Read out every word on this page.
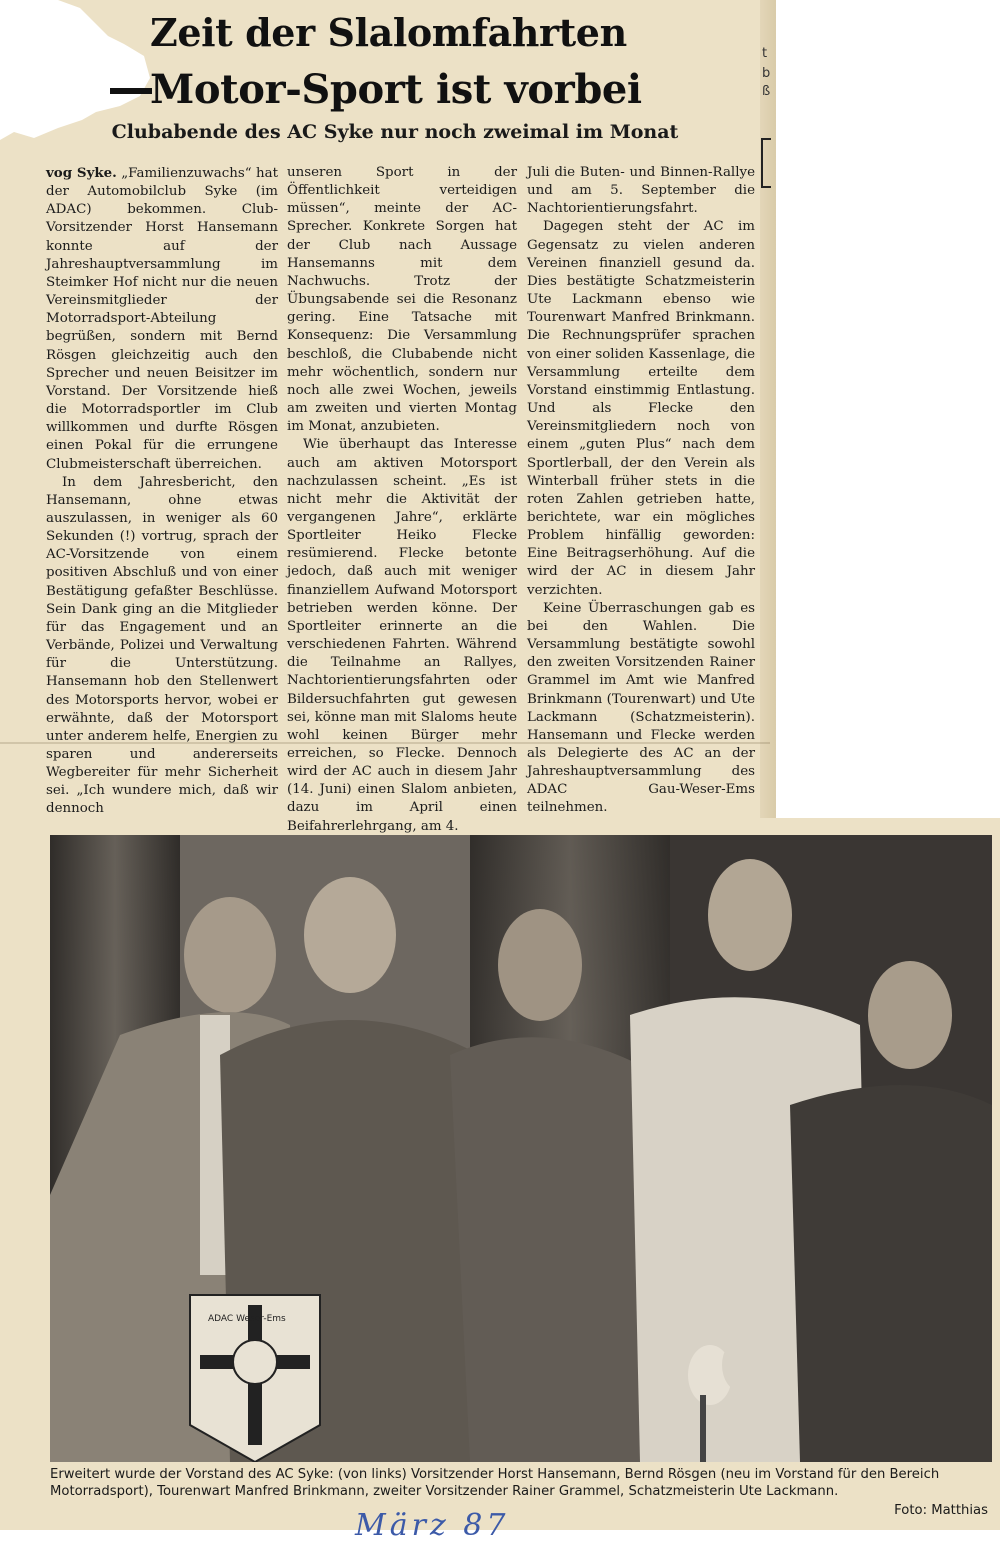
t
b
ß
Zeit der Slalomfahrten
Motor-Sport ist vorbei
Clubabende des AC Syke nur noch zweimal im Monat

vog Syke. „Familienzuwachs“ hat der Automobilclub Syke (im ADAC) bekommen. Club-Vorsitzender Horst Hansemann konnte auf der Jahreshauptversammlung im Steimker Hof nicht nur die neuen Vereinsmitglieder der Motorradsport-Abteilung begrüßen, sondern mit Bernd Rösgen gleichzeitig auch den Sprecher und neuen Beisitzer im Vorstand. Der Vorsitzende hieß die Motorradsportler im Club willkommen und durfte Rösgen einen Pokal für die errungene Clubmeisterschaft überreichen.

In dem Jahresbericht, den Hansemann, ohne etwas auszulassen, in weniger als 60 Sekunden (!) vortrug, sprach der AC-Vorsitzende von einem positiven Abschluß und von einer Bestätigung gefaßter Beschlüsse. Sein Dank ging an die Mitglieder für das Engagement und an Verbände, Polizei und Verwaltung für die Unterstützung. Hansemann hob den Stellenwert des Motorsports hervor, wobei er erwähnte, daß der Motorsport unter anderem helfe, Energien zu sparen und andererseits Wegbereiter für mehr Sicherheit sei. „Ich wundere mich, daß wir dennoch

unseren Sport in der Öffentlichkeit verteidigen müssen“, meinte der AC-Sprecher. Konkrete Sorgen hat der Club nach Aussage Hansemanns mit dem Nachwuchs. Trotz der Übungsabende sei die Resonanz gering. Eine Tatsache mit Konsequenz: Die Versammlung beschloß, die Clubabende nicht mehr wöchentlich, sondern nur noch alle zwei Wochen, jeweils am zweiten und vierten Montag im Monat, anzubieten.

Wie überhaupt das Interesse auch am aktiven Motorsport nachzulassen scheint. „Es ist nicht mehr die Aktivität der vergangenen Jahre“, erklärte Sportleiter Heiko Flecke resümierend. Flecke betonte jedoch, daß auch mit weniger finanziellem Aufwand Motorsport betrieben werden könne. Der Sportleiter erinnerte an die verschiedenen Fahrten. Während die Teilnahme an Rallyes, Nachtorientierungsfahrten oder Bildersuchfahrten gut gewesen sei, könne man mit Slaloms heute wohl keinen Bürger mehr erreichen, so Flecke. Dennoch wird der AC auch in diesem Jahr (14. Juni) einen Slalom anbieten, dazu im April einen Beifahrerlehrgang, am 4.

Juli die Buten- und Binnen-Rallye und am 5. September die Nachtorientierungsfahrt.

Dagegen steht der AC im Gegensatz zu vielen anderen Vereinen finanziell gesund da. Dies bestätigte Schatzmeisterin Ute Lackmann ebenso wie Tourenwart Manfred Brinkmann. Die Rechnungsprüfer sprachen von einer soliden Kassenlage, die Versammlung erteilte dem Vorstand einstimmig Entlastung. Und als Flecke den Vereinsmitgliedern noch von einem „guten Plus“ nach dem Sportlerball, der den Verein als Winterball früher stets in die roten Zahlen getrieben hatte, berichtete, war ein mögliches Problem hinfällig geworden: Eine Beitragserhöhung. Auf die wird der AC in diesem Jahr verzichten.

Keine Überraschungen gab es bei den Wahlen. Die Versammlung bestätigte sowohl den zweiten Vorsitzenden Rainer Grammel im Amt wie Manfred Brinkmann (Tourenwart) und Ute Lackmann (Schatzmeisterin). Hansemann und Flecke werden als Delegierte des AC an der Jahreshauptversammlung des ADAC Gau-Weser-Ems teilnehmen.

ADAC Weser-Ems

Erweitert wurde der Vorstand des AC Syke: (von links) Vorsitzender Horst Hansemann, Bernd Rösgen (neu im Vorstand für den Bereich Motorradsport), Tourenwart Manfred Brinkmann, zweiter Vorsitzender Rainer Grammel, Schatzmeisterin Ute Lackmann.

Foto: Matthias

März 87
